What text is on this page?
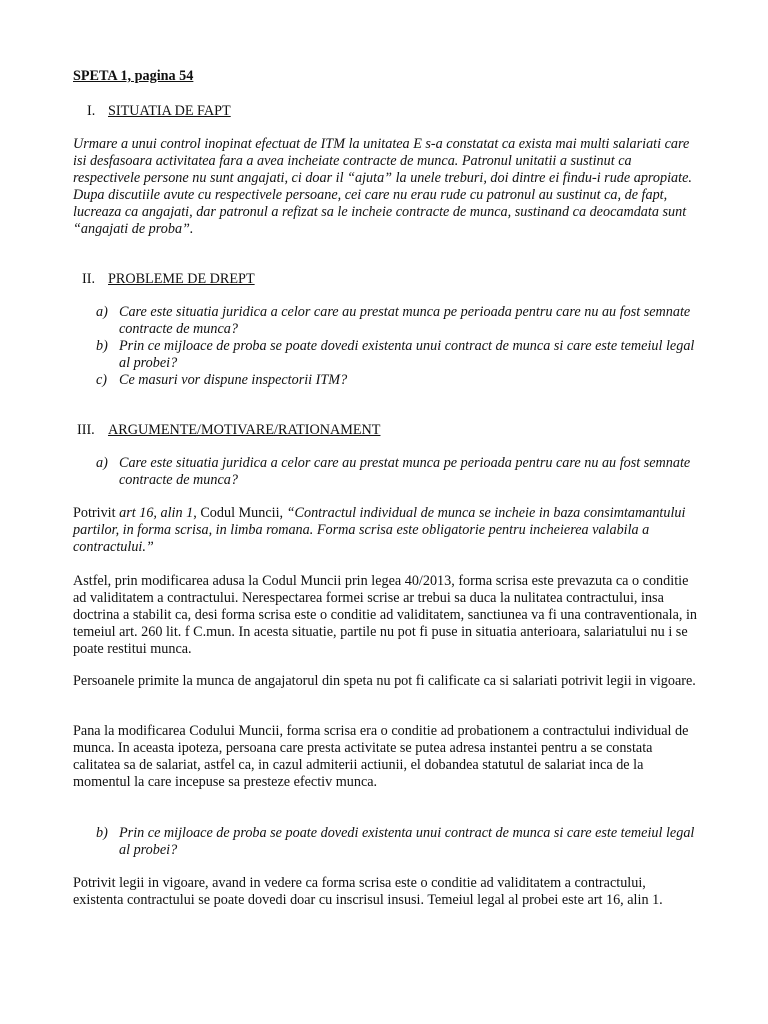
SPETA 1, pagina 54
I. SITUATIA DE FAPT

Urmare a unui control inopinat efectuat de ITM la unitatea E s-a constatat ca exista mai multi salariati care isi desfasoara activitatea fara a avea incheiate contracte de munca. Patronul unitatii a sustinut ca respectivele persone nu sunt angajati, ci doar il “ajuta” la unele treburi, doi dintre ei findu-i rude apropiate. Dupa discutiile avute cu respectivele persoane, cei care nu erau rude cu patronul au sustinut ca, de fapt, lucreaza ca angajati, dar patronul a refizat sa le incheie contracte de munca, sustinand ca deocamdata sunt “angajati de proba”.

II. PROBLEME DE DREPT
a) Care este situatia juridica a celor care au prestat munca pe perioada pentru care nu au fost semnate contracte de munca?
b) Prin ce mijloace de proba se poate dovedi existenta unui contract de munca si care este temeiul legal al probei?
c) Ce masuri vor dispune inspectorii ITM?
III. ARGUMENTE/MOTIVARE/RATIONAMENT
a) Care este situatia juridica a celor care au prestat munca pe perioada pentru care nu au fost semnate contracte de munca?

Potrivit art 16, alin 1, Codul Muncii, “Contractul individual de munca se incheie in baza consimtamantului partilor, in forma scrisa, in limba romana. Forma scrisa este obligatorie pentru incheierea valabila a contractului.”

Astfel, prin modificarea adusa la Codul Muncii prin legea 40/2013, forma scrisa este prevazuta ca o conditie ad validitatem a contractului. Nerespectarea formei scrise ar trebui sa duca la nulitatea contractului, insa doctrina a stabilit ca, desi forma scrisa este o conditie ad validitatem, sanctiunea va fi una contraventionala, in temeiul art. 260 lit. f C.mun. In acesta situatie, partile nu pot fi puse in situatia anterioara, salariatului nu i se poate restitui munca.

Persoanele primite la munca de angajatorul din speta nu pot fi calificate ca si salariati potrivit legii in vigoare.

Pana la modificarea Codului Muncii, forma scrisa era o conditie ad probationem a contractului individual de munca. In aceasta ipoteza, persoana care presta activitate se putea adresa instantei pentru a se constata calitatea sa de salariat, astfel ca, in cazul admiterii actiunii, el dobandea statutul de salariat inca de la momentul la care incepuse sa presteze efectiv munca.

b) Prin ce mijloace de proba se poate dovedi existenta unui contract de munca si care este temeiul legal al probei?

Potrivit legii in vigoare, avand in vedere ca forma scrisa este o conditie ad validitatem a contractului, existenta contractului se poate dovedi doar cu inscrisul insusi. Temeiul legal al probei este art 16, alin 1.
